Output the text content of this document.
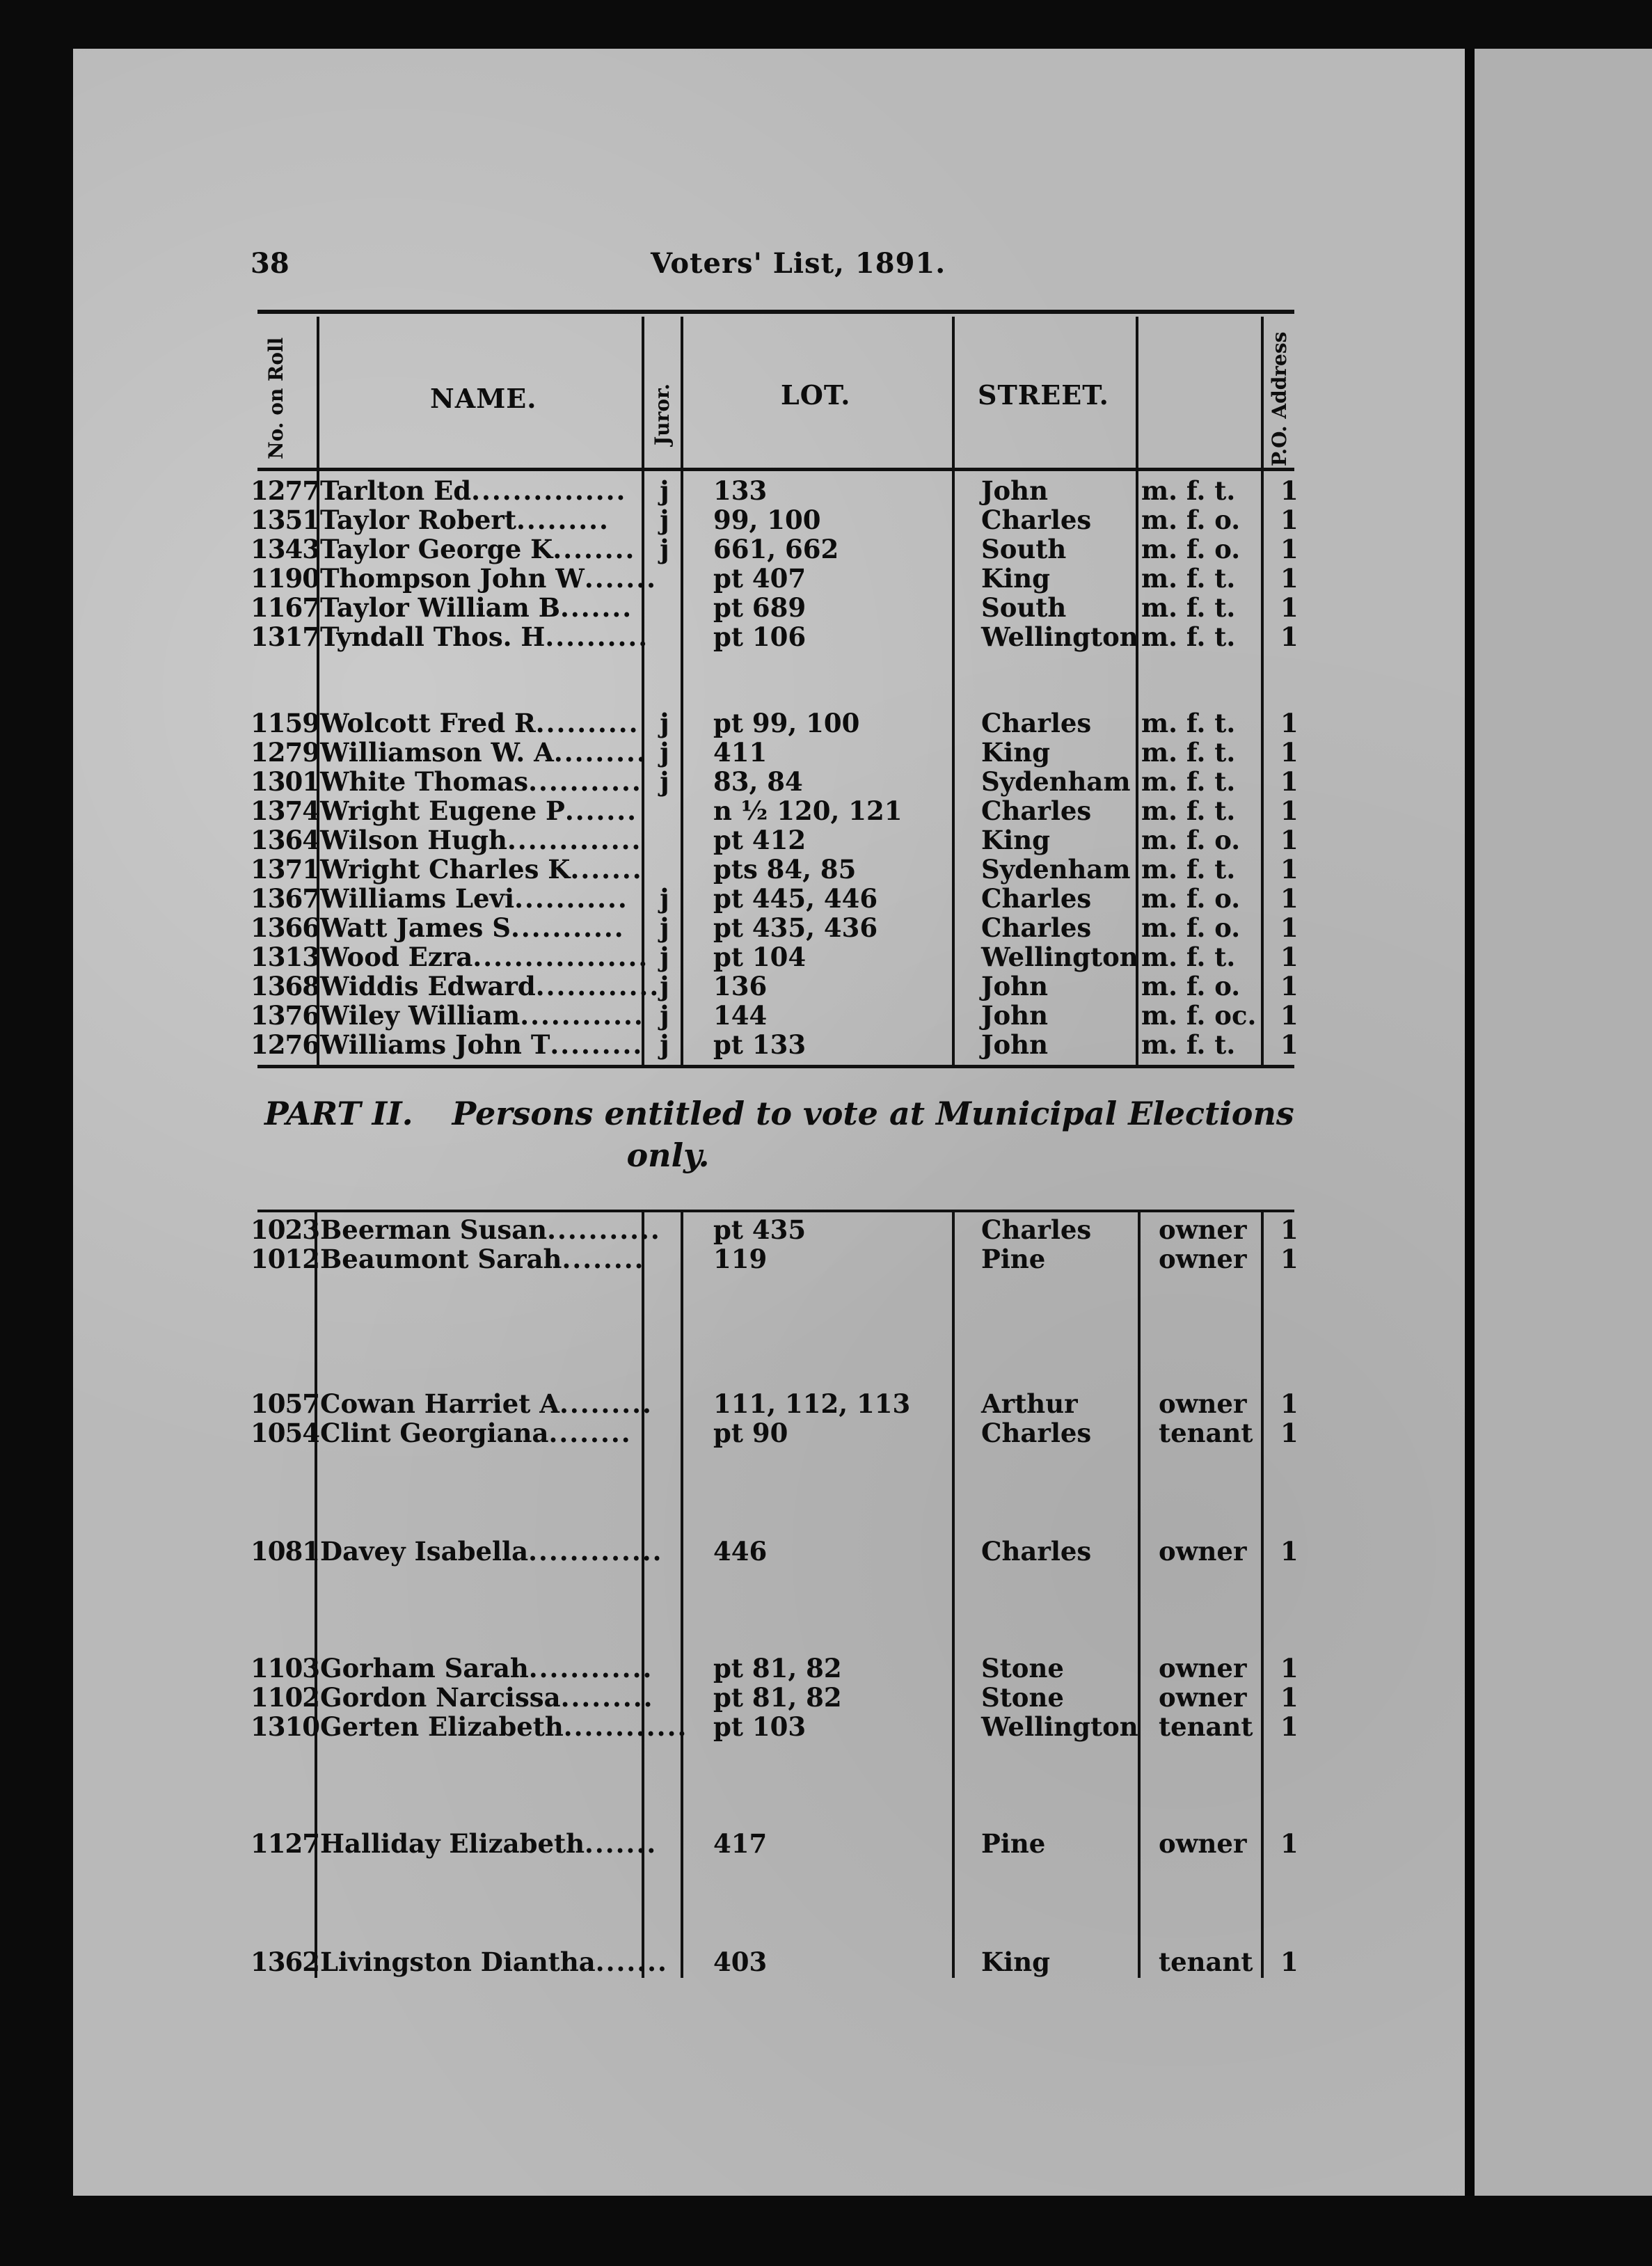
38	Voters' List, 1891.
No. on Roll	NAME.	Juror.	LOT.	STREET.	P.O. Address
1277 Tarlton Ed...............	j 133	John	m. f. t. 1
1351 Taylor Robert.........	j 99, 100	Charles m. f. o. 1
1343 Taylor George K........ j 661, 662	South	m. f. o. 1
1190 Thompson John W....... pt 407	King	m. f. t. 1
1167 Taylor William B.......	pt 689	South	m. f. t. 1
1317 Tyndall Thos. H..........	pt 106	Wellington m. f. t. 1
1159 Wolcott Fred R.......... j pt 99, 100	Charles m. f. t. 1
1279 Williamson W. A......... j 411	King	m. f. t. 1
1301 White Thomas........... j 83, 84	Sydenham m. f. t. 1
1374 Wright Eugene P.......	n ½ 120, 121	Charles m. f. t. 1
1364 Wilson Hugh.............	pt 412	King	m. f. o. 1
1371 Wright Charles K.......	pts 84, 85	Sydenham m. f. t. 1
1367 Williams Levi...........	j pt 445, 446	Charles m. f. o. 1
1366 Watt James S...........	j pt 435, 436	Charles m. f. o. 1
1313 Wood Ezra................. j pt 104	Wellington m. f. t. 1
1368 Widdis Edward............ j 136	John	m. f. o. 1
1376 Wiley William............ j 144	John	m. f. oc. 1
1276 Williams John T......... j pt 133	John	m. f. t. 1
PART II. Persons entitled to vote at Municipal Elections
only.
1023 Beerman Susan........... pt 435	Charles	owner 1
1012 Beaumont Sarah........	119	Pine	owner 1
1057 Cowan Harriet A......... 111, 112, 113	Arthur	owner 1
1054 Clint Georgiana........	pt 90	Charles	tenant 1
1081 Davey Isabella............. 446	Charles	owner 1
1103 Gorham Sarah............ pt 81, 82	Stone	owner 1
1102 Gordon Narcissa......... pt 81, 82	Stone	owner 1
1310 Gerten Elizabeth............ pt 103	Wellington tenant 1
1127 Halliday Elizabeth....... 417	Pine	owner 1
1362 Livingston Diantha....... 403	King	tenant 1
